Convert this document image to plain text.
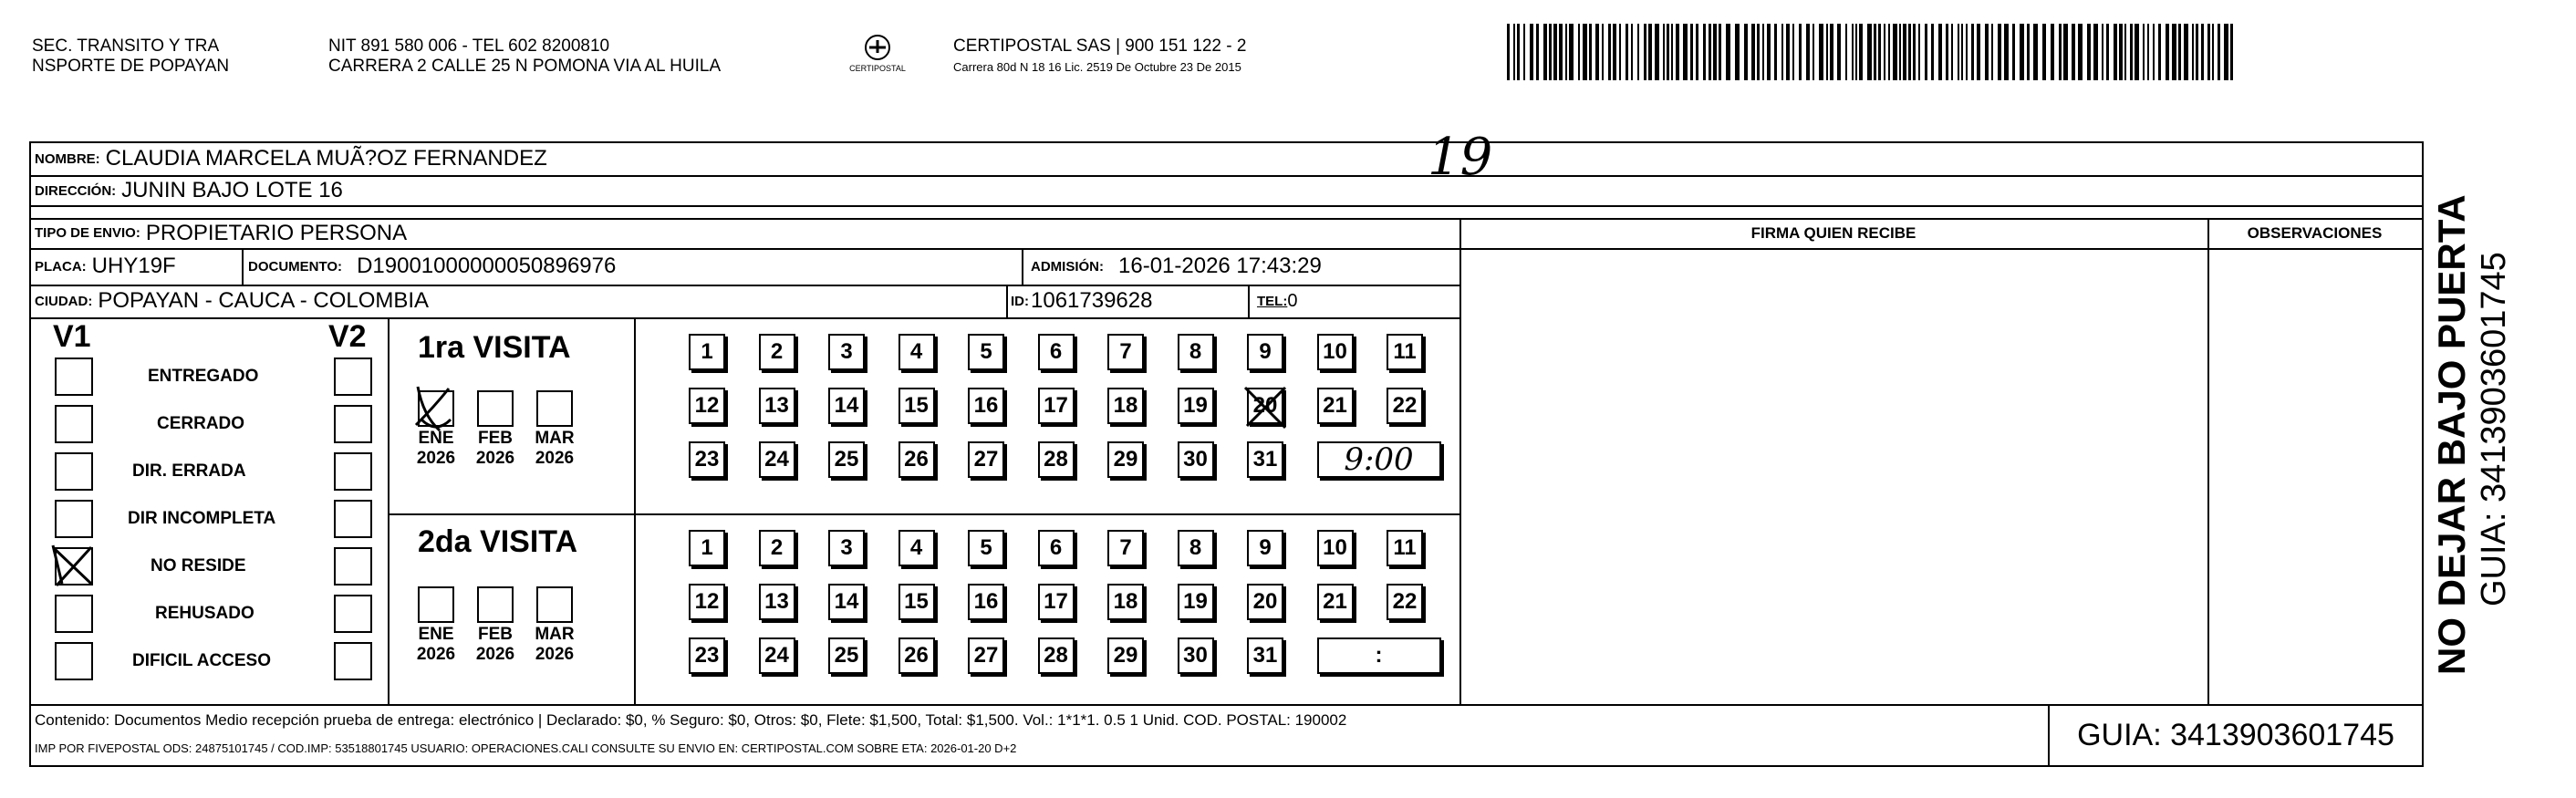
SEC. TRANSITO Y TRA
NSPORTE DE POPAYAN
NIT 891 580 006 - TEL 602 8200810
CARRERA 2 CALLE 25 N POMONA VIA AL HUILA	CERTIPOSTAL
CERTIPOSTAL SAS | 900 151 122 - 2
Carrera 80d N 18 16 Lic. 2519 De Octubre 23 De 2015
NOMBRE: CLAUDIA MARCELA MUÃ?OZ FERNANDEZ	19
DIRECCIÓN: JUNIN BAJO LOTE 16
TIPO DE ENVIO: PROPIETARIO PERSONA	FIRMA QUIEN RECIBE	OBSERVACIONES
PLACA: UHY19F	DOCUMENTO: D19001000000050896976	ADMISIÓN: 16-01-2026 17:43:29
CIUDAD: POPAYAN - CAUCA - COLOMBIA	ID: 1061739628	TEL: 0
V1	V2
ENTREGADO
CERRADO
DIR. ERRADA
DIR INCOMPLETA
NO RESIDE
REHUSADO
DIFICIL ACCESO
1ra VISITA
2da VISITA
ENE
2026
FEB
2026
MAR
2026
1	2	3	4	5	6	7	8	9 10 11
12 13 14 15 16 17 18 19 20 21 22
23 24 25 26 27 28 29 30 31 9:00
ENE
2026
FEB
2026
MAR
2026
1	2	3	4	5	6	7	8	9 10 11
12 13 14 15 16 17 18 19 20 21 22
23 24 25 26 27 28 29 30 31	:
Contenido: Documentos Medio recepción prueba de entrega: electrónico | Declarado: $0, % Seguro: $0, Otros: $0, Flete: $1,500, Total: $1,500. Vol.: 1*1*1. 0.5 1 Unid. COD. POSTAL: 190002
IMP POR FIVEPOSTAL ODS: 24875101745 / COD.IMP: 53518801745 USUARIO: OPERACIONES.CALI CONSULTE SU ENVIO EN: CERTIPOSTAL.COM SOBRE ETA: 2026-01-20 D+2	GUIA: 3413903601745
NO DEJAR BAJO PUERTA GUIA: 3413903601745
